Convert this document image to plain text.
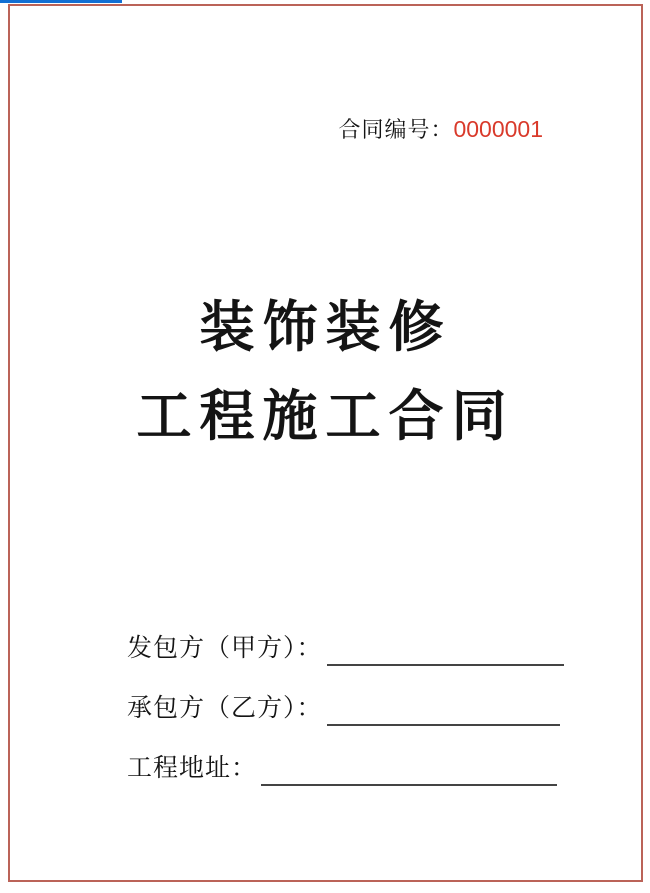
合同编号：0000001
装饰装修
工程施工合同
发包方（甲方）：
承包方（乙方）：
工程地址：
